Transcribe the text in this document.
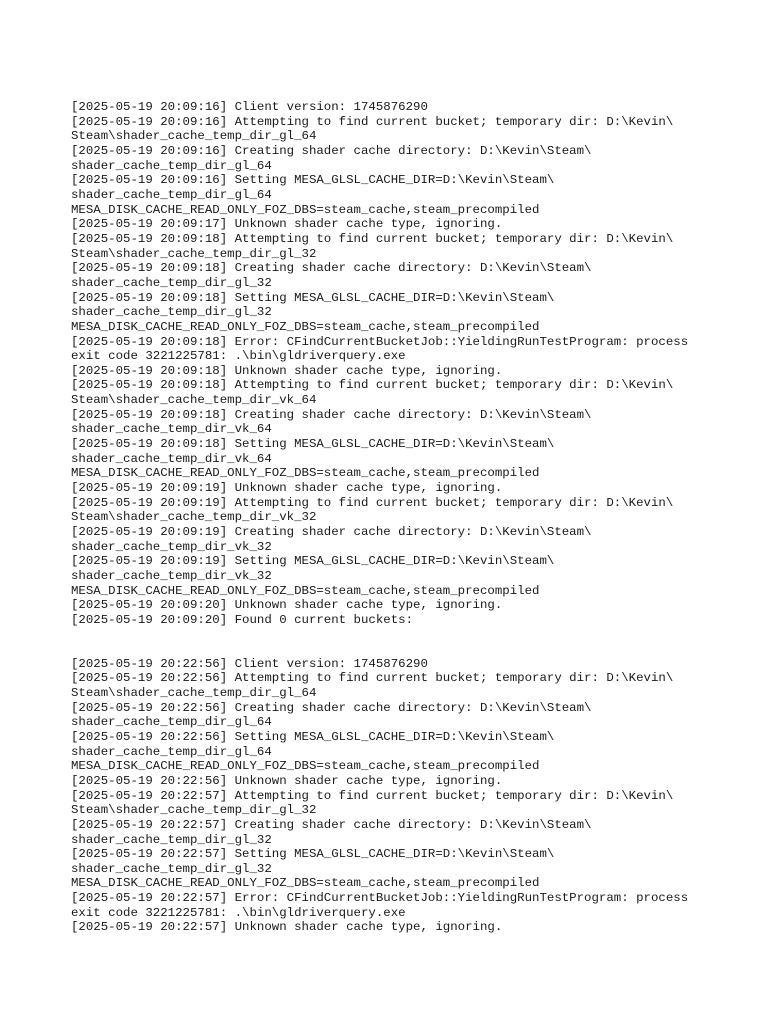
[2025-05-19 20:09:16] Client version: 1745876290
[2025-05-19 20:09:16] Attempting to find current bucket; temporary dir: D:\Kevin\
Steam\shader_cache_temp_dir_gl_64
[2025-05-19 20:09:16] Creating shader cache directory: D:\Kevin\Steam\
shader_cache_temp_dir_gl_64
[2025-05-19 20:09:16] Setting MESA_GLSL_CACHE_DIR=D:\Kevin\Steam\
shader_cache_temp_dir_gl_64
MESA_DISK_CACHE_READ_ONLY_FOZ_DBS=steam_cache,steam_precompiled
[2025-05-19 20:09:17] Unknown shader cache type, ignoring.
[2025-05-19 20:09:18] Attempting to find current bucket; temporary dir: D:\Kevin\
Steam\shader_cache_temp_dir_gl_32
[2025-05-19 20:09:18] Creating shader cache directory: D:\Kevin\Steam\
shader_cache_temp_dir_gl_32
[2025-05-19 20:09:18] Setting MESA_GLSL_CACHE_DIR=D:\Kevin\Steam\
shader_cache_temp_dir_gl_32
MESA_DISK_CACHE_READ_ONLY_FOZ_DBS=steam_cache,steam_precompiled
[2025-05-19 20:09:18] Error: CFindCurrentBucketJob::YieldingRunTestProgram: process
exit code 3221225781: .\bin\gldriverquery.exe
[2025-05-19 20:09:18] Unknown shader cache type, ignoring.
[2025-05-19 20:09:18] Attempting to find current bucket; temporary dir: D:\Kevin\
Steam\shader_cache_temp_dir_vk_64
[2025-05-19 20:09:18] Creating shader cache directory: D:\Kevin\Steam\
shader_cache_temp_dir_vk_64
[2025-05-19 20:09:18] Setting MESA_GLSL_CACHE_DIR=D:\Kevin\Steam\
shader_cache_temp_dir_vk_64
MESA_DISK_CACHE_READ_ONLY_FOZ_DBS=steam_cache,steam_precompiled
[2025-05-19 20:09:19] Unknown shader cache type, ignoring.
[2025-05-19 20:09:19] Attempting to find current bucket; temporary dir: D:\Kevin\
Steam\shader_cache_temp_dir_vk_32
[2025-05-19 20:09:19] Creating shader cache directory: D:\Kevin\Steam\
shader_cache_temp_dir_vk_32
[2025-05-19 20:09:19] Setting MESA_GLSL_CACHE_DIR=D:\Kevin\Steam\
shader_cache_temp_dir_vk_32
MESA_DISK_CACHE_READ_ONLY_FOZ_DBS=steam_cache,steam_precompiled
[2025-05-19 20:09:20] Unknown shader cache type, ignoring.
[2025-05-19 20:09:20] Found 0 current buckets:
[2025-05-19 20:22:56] Client version: 1745876290
[2025-05-19 20:22:56] Attempting to find current bucket; temporary dir: D:\Kevin\
Steam\shader_cache_temp_dir_gl_64
[2025-05-19 20:22:56] Creating shader cache directory: D:\Kevin\Steam\
shader_cache_temp_dir_gl_64
[2025-05-19 20:22:56] Setting MESA_GLSL_CACHE_DIR=D:\Kevin\Steam\
shader_cache_temp_dir_gl_64
MESA_DISK_CACHE_READ_ONLY_FOZ_DBS=steam_cache,steam_precompiled
[2025-05-19 20:22:56] Unknown shader cache type, ignoring.
[2025-05-19 20:22:57] Attempting to find current bucket; temporary dir: D:\Kevin\
Steam\shader_cache_temp_dir_gl_32
[2025-05-19 20:22:57] Creating shader cache directory: D:\Kevin\Steam\
shader_cache_temp_dir_gl_32
[2025-05-19 20:22:57] Setting MESA_GLSL_CACHE_DIR=D:\Kevin\Steam\
shader_cache_temp_dir_gl_32
MESA_DISK_CACHE_READ_ONLY_FOZ_DBS=steam_cache,steam_precompiled
[2025-05-19 20:22:57] Error: CFindCurrentBucketJob::YieldingRunTestProgram: process
exit code 3221225781: .\bin\gldriverquery.exe
[2025-05-19 20:22:57] Unknown shader cache type, ignoring.
